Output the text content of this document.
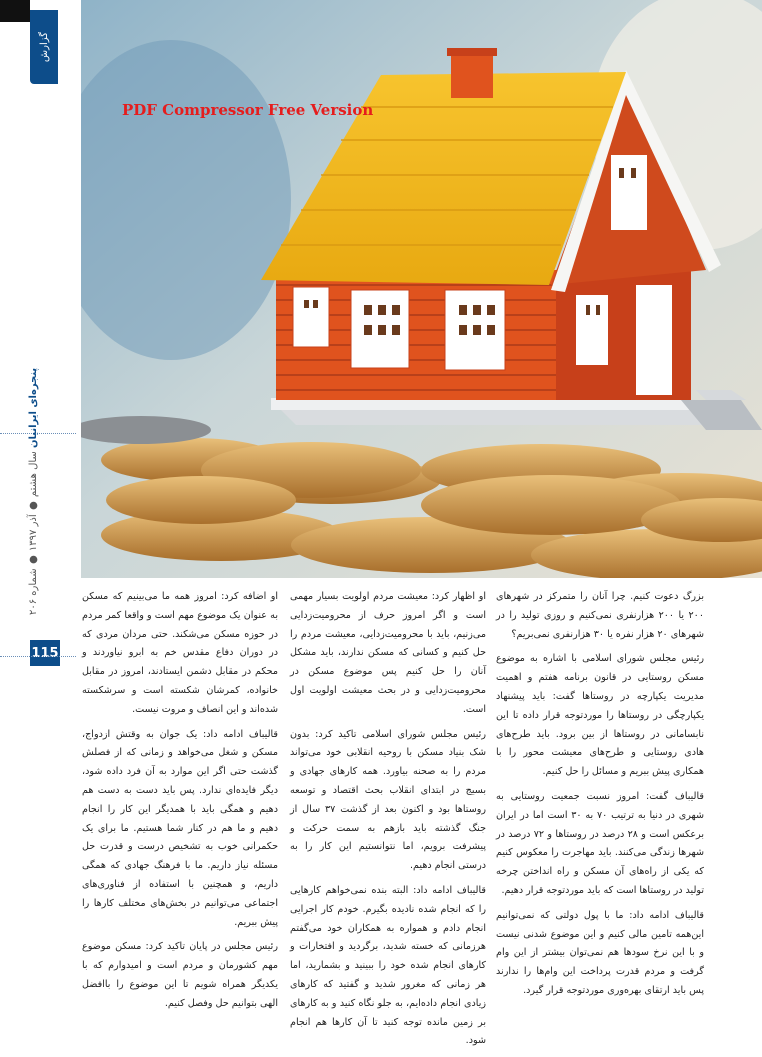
گزارش
پنجره‌ای ایرانیان سال هشتم ● آذر ۱۳۹۷ ● شماره ۲۰۶
115
PDF Compressor Free Version

بزرگ دعوت کنیم. چرا آنان را متمرکز در شهرهای ۲۰۰ یا ۲۰۰ هزارنفری نمی‌کنیم و روزی تولید را در شهرهای ۲۰ هزار نفره یا ۳۰ هزارنفری نمی‌بریم؟

رئیس مجلس شورای اسلامی با اشاره به موضوع مسکن روستایی در قانون برنامه هفتم و اهمیت مدیریت یکپارچه در روستاها گفت: باید پیشنهاد یکپارچگی در روستاها را موردتوجه قرار داده تا این نابسامانی در روستاها از بین برود. باید طرح‌های هادی روستایی و طرح‌های معیشت محور را با همکاری پیش ببریم و مسائل را حل کنیم.

قالیباف گفت: امروز نسبت جمعیت روستایی به شهری در دنیا به ترتیب ۷۰ به ۳۰ است اما در ایران برعکس است و ۲۸ درصد در روستاها و ۷۲ درصد در شهرها زندگی می‌کنند. باید مهاجرت را معکوس کنیم که یکی از راه‌های آن مسکن و راه انداختن چرخه تولید در روستاها است که باید موردتوجه قرار دهیم.

قالیباف ادامه داد: ما با پول دولتی که نمی‌توانیم این‌همه تامین مالی کنیم و این موضوع شدنی نیست و با این نرخ سودها هم نمی‌توان بیشتر از این وام گرفت و مردم قدرت پرداخت این وام‌ها را ندارند پس باید ارتقای بهره‌وری موردتوجه قرار گیرد.

او اظهار کرد: معیشت مردم اولویت بسیار مهمی است و اگر امروز حرف از محرومیت‌زدایی می‌زنیم، باید با محرومیت‌زدایی، معیشت مردم را حل کنیم و کسانی که مسکن ندارند، باید مشکل آنان را حل کنیم پس موضوع مسکن در محرومیت‌زدایی و در بحث معیشت اولویت اول است.

رئیس مجلس شورای اسلامی تاکید کرد: بدون شک بنیاد مسکن با روحیه انقلابی خود می‌تواند مردم را به صحنه بیاورد. همه کارهای جهادی و بسیج در ابتدای انقلاب بحث اقتصاد و توسعه روستاها بود و اکنون بعد از گذشت ۳۷ سال از جنگ گذشته باید بازهم به سمت حرکت و پیشرفت برویم، اما نتوانستیم این کار را به درستی انجام دهیم.

قالیباف ادامه داد: البته بنده نمی‌خواهم کارهایی را که انجام شده نادیده بگیرم. خودم کار اجرایی انجام دادم و همواره به همکاران خود می‌گفتم هرزمانی که خسته شدید، برگردید و افتخارات و کارهای انجام شده خود را ببینید و بشمارید، اما هر زمانی که مغرور شدید و گفتید که کارهای زیادی انجام داده‌ایم، به جلو نگاه کنید و به کارهای بر زمین مانده توجه کنید تا آن کارها هم انجام شود.

او اضافه کرد: امروز همه ما می‌بینیم که مسکن به عنوان یک موضوع مهم است و واقعا کمر مردم در حوزه مسکن می‌شکند. حتی مردان مردی که در دوران دفاع مقدس خم به ابرو نیاوردند و محکم در مقابل دشمن ایستادند، امروز در مقابل خانواده، کمرشان شکسته است و سرشکسته شده‌اند و این انصاف و مروت نیست.

قالیباف ادامه داد: یک جوان به وقتش ازدواج، مسکن و شغل می‌خواهد و زمانی که از فصلش گذشت حتی اگر این موارد به آن فرد داده شود، دیگر فایده‌ای ندارد. پس باید دست به دست هم دهیم و همگی باید با همدیگر این کار را انجام دهیم و ما هم در کنار شما هستیم. ما برای یک حکمرانی خوب به تشخیص درست و قدرت حل مسئله نیاز داریم. ما با فرهنگ جهادی که همگی داریم، و همچنین با استفاده از فناوری‌های اجتماعی می‌توانیم در بخش‌های مختلف کارها را پیش ببریم.

رئیس مجلس در پایان تاکید کرد: مسکن موضوع مهم کشورمان و مردم است و امیدوارم که با یکدیگر همراه شویم تا این موضوع را باافضل الهی بتوانیم حل وفصل کنیم.
